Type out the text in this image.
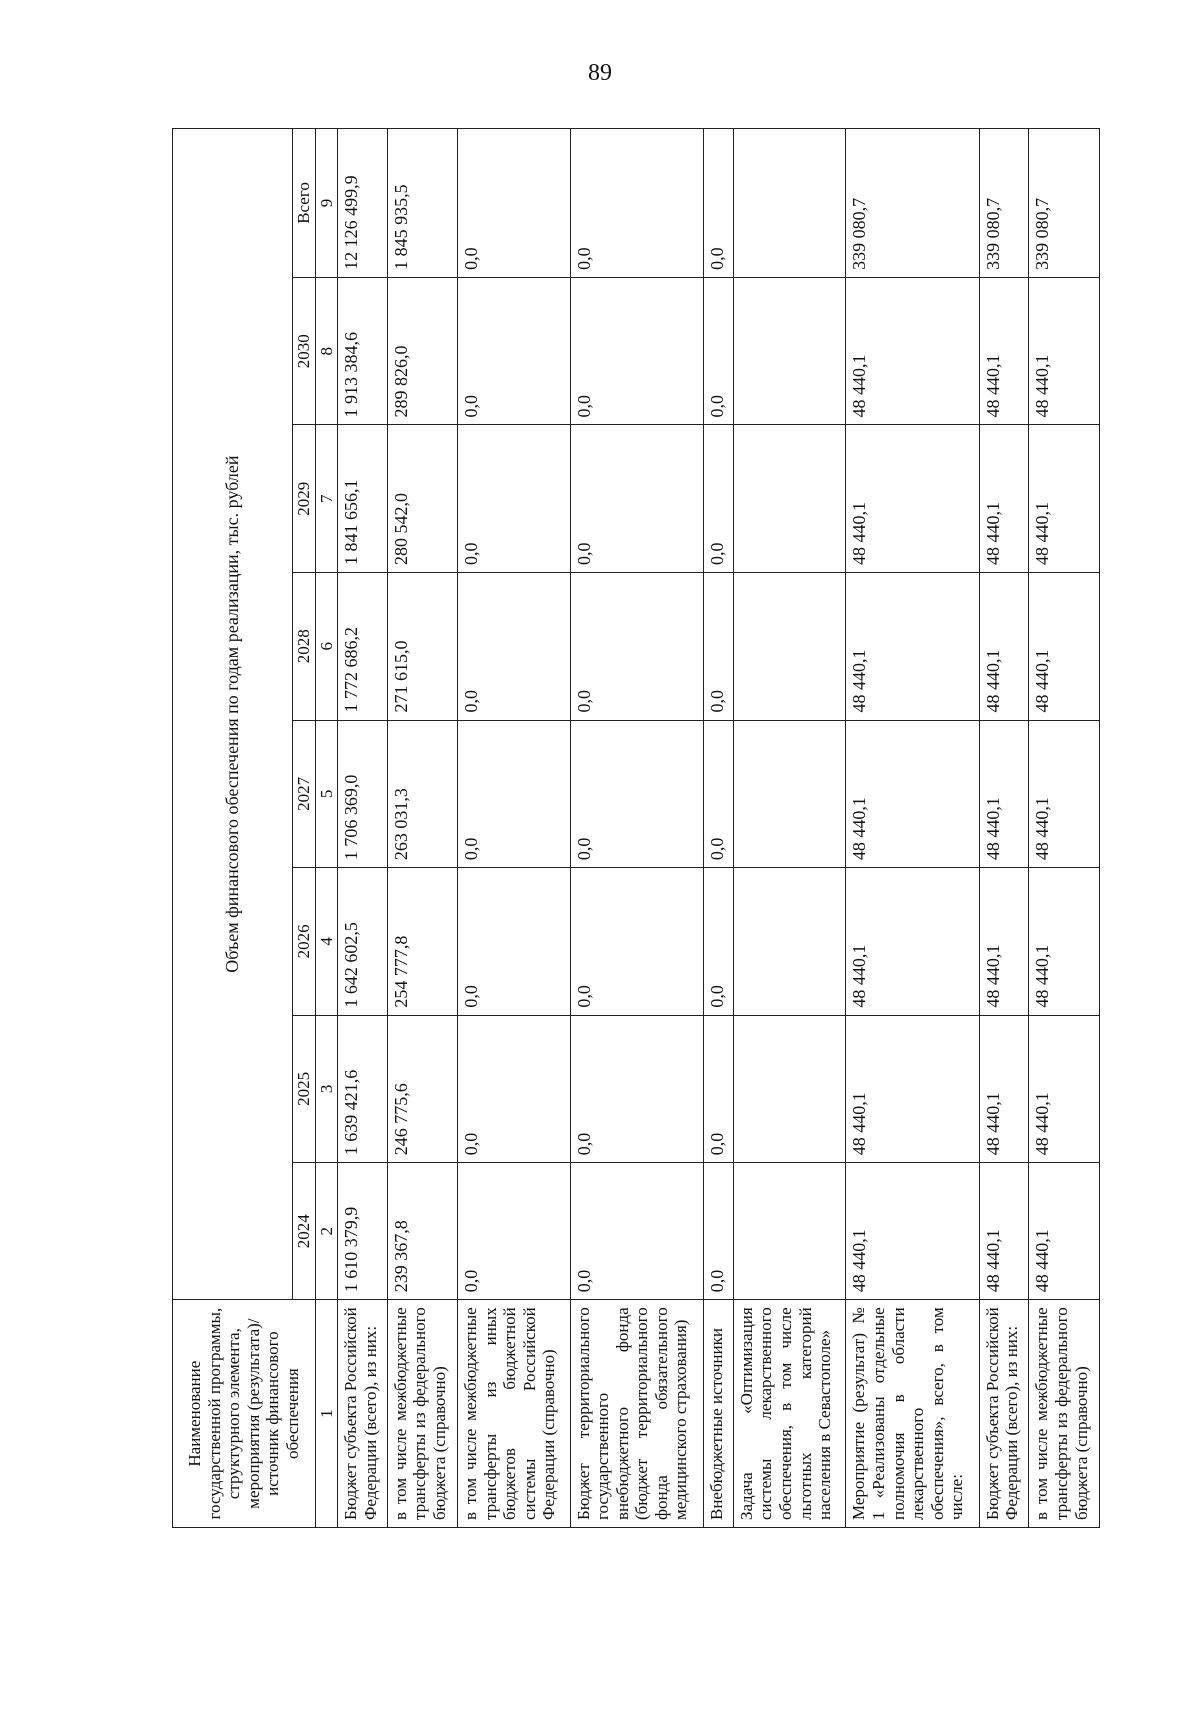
89
Наименование государственной программы, структурного элемента, мероприятия (результата)/источник финансового обеспечения	Объем финансового обеспечения по годам реализации, тыс. рублей							
	2024	2025	2026	2027	2028	2029	2030	Всего
1	2	3	4	5	6	7	8	9
Бюджет субъекта Российской Федерации (всего), из них:	1 610 379,9	1 639 421,6	1 642 602,5	1 706 369,0	1 772 686,2	1 841 656,1	1 913 384,6	12 126 499,9
в том числе межбюджетные трансферты из федерального бюджета (справочно)	239 367,8	246 775,6	254 777,8	263 031,3	271 615,0	280 542,0	289 826,0	1 845 935,5
в том числе межбюджетные трансферты из иных бюджетов бюджетной системы Российской Федерации (справочно)	0,0	0,0	0,0	0,0	0,0	0,0	0,0	0,0
Бюджет территориального государственного внебюджетного фонда (бюджет территориального фонда обязательного медицинского страхования)	0,0	0,0	0,0	0,0	0,0	0,0	0,0	0,0
Внебюджетные источники	0,0	0,0	0,0	0,0	0,0	0,0	0,0	0,0
Задача «Оптимизация системы лекарственного обеспечения, в том числе льготных категорий населения в Севастополе»								
Мероприятие (результат) № 1 «Реализованы отдельные полномочия в области лекарственного обеспечения», всего, в том числе:	48 440,1	48 440,1	48 440,1	48 440,1	48 440,1	48 440,1	48 440,1	339 080,7
Бюджет субъекта Российской Федерации (всего), из них:	48 440,1	48 440,1	48 440,1	48 440,1	48 440,1	48 440,1	48 440,1	339 080,7
в том числе межбюджетные трансферты из федерального бюджета (справочно)	48 440,1	48 440,1	48 440,1	48 440,1	48 440,1	48 440,1	48 440,1	339 080,7
